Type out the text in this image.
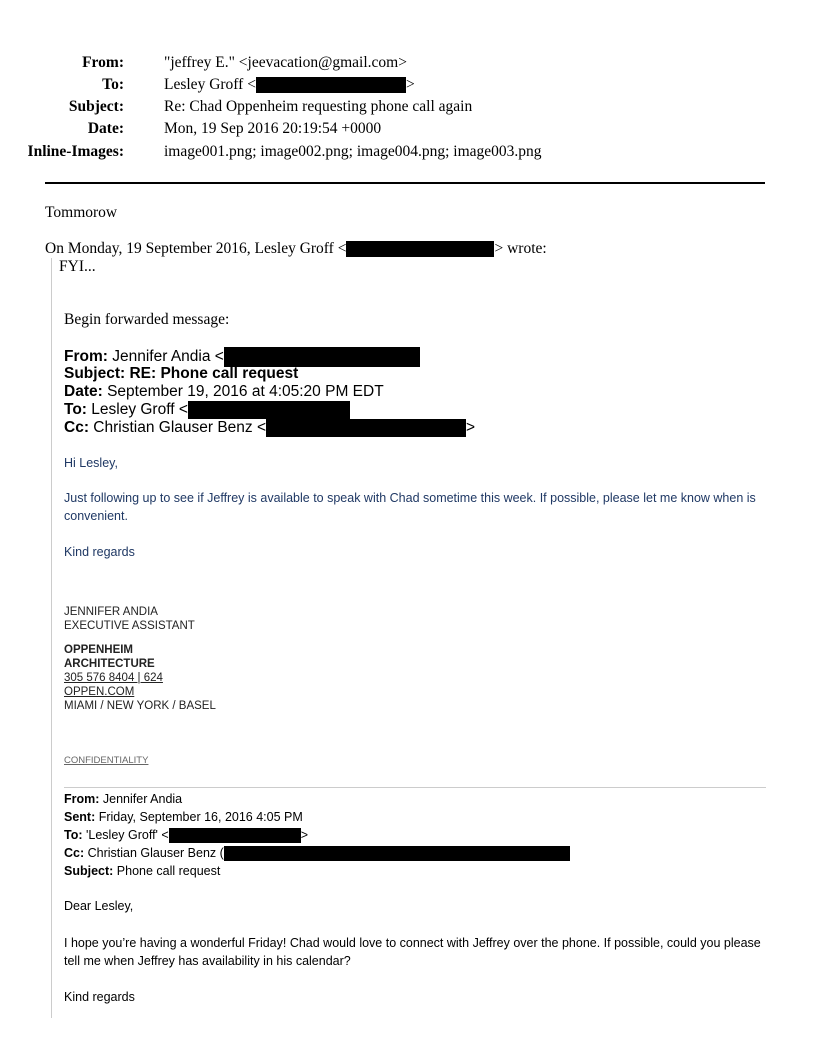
From:	"jeffrey E." <jeevacation@gmail.com>
To:	Lesley Groff <	>
Subject:	Re: Chad Oppenheim requesting phone call again
Date:	Mon, 19 Sep 2016 20:19:54 +0000
Inline-Images:	image001.png; image002.png; image004.png; image003.png
Tommorow
On Monday, 19 September 2016, Lesley Groff <	> wrote:
FYI...
Begin forwarded message:
From: Jennifer Andia <
Subject: RE: Phone call request
Date: September 19, 2016 at 4:05:20 PM EDT
To: Lesley Groff <
Cc: Christian Glauser Benz <	>
Hi Lesley,
Just following up to see if Jeffrey is available to speak with Chad sometime this week. If possible, please let me know when is convenient.
Kind regards
JENNIFER ANDIA
EXECUTIVE ASSISTANT
OPPENHEIM
ARCHITECTURE
305 576 8404 | 624
OPPEN.COM
MIAMI / NEW YORK / BASEL
CONFIDENTIALITY
From: Jennifer Andia
Sent: Friday, September 16, 2016 4:05 PM
To: 'Lesley Groff' <	>
Cc: Christian Glauser Benz (
Subject: Phone call request
Dear Lesley,
I hope you’re having a wonderful Friday! Chad would love to connect with Jeffrey over the phone. If possible, could you please tell me when Jeffrey has availability in his calendar?
Kind regards
